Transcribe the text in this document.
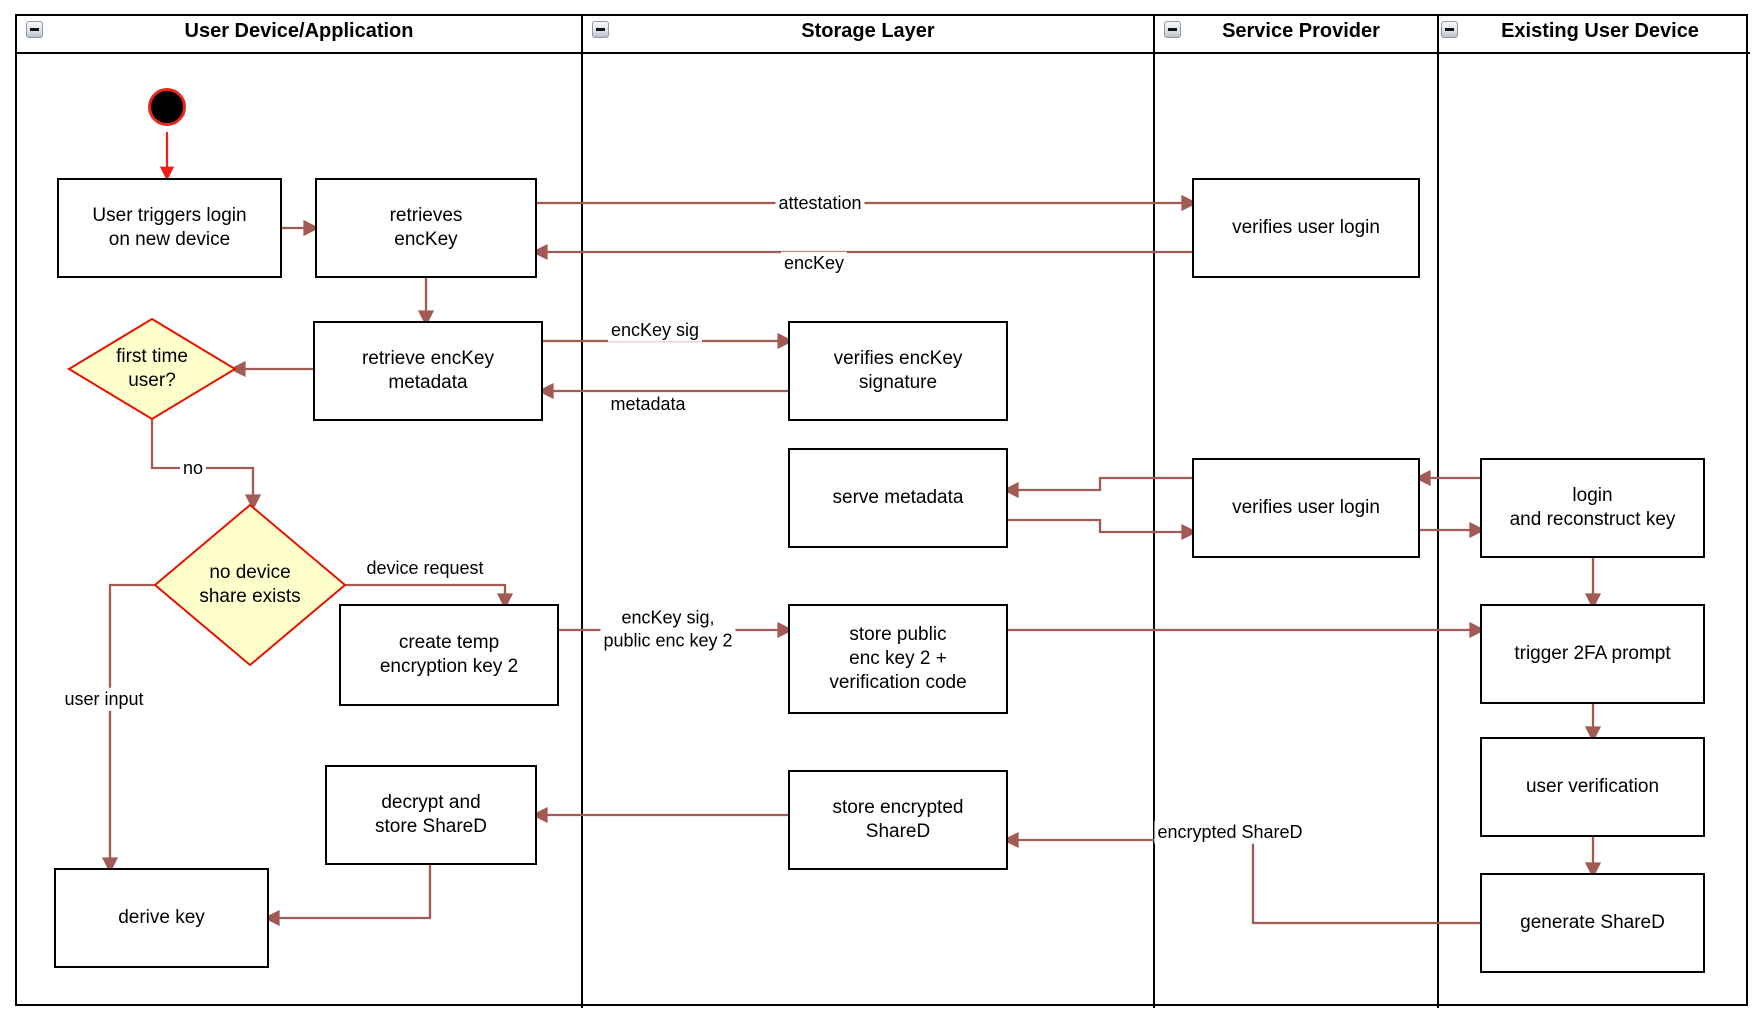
User Device/Application	Storage Layer	Service Provider	Existing User Device
User triggers login
on new device
retrieves
encKey
retrieve encKey
metadata
create temp
encryption key 2
decrypt and
store ShareD
derive key
first time
user?
no device
share exists
verifies encKey
signature
serve metadata
store public
enc key 2 +
verification code
store encrypted
ShareD
verifies user login
verifies user login
login
and reconstruct key
trigger 2FA prompt
user verification
generate ShareD
attestation
encKey
encKey sig
metadata
no
device request
user input
encKey sig,
public enc key 2
encrypted ShareD
